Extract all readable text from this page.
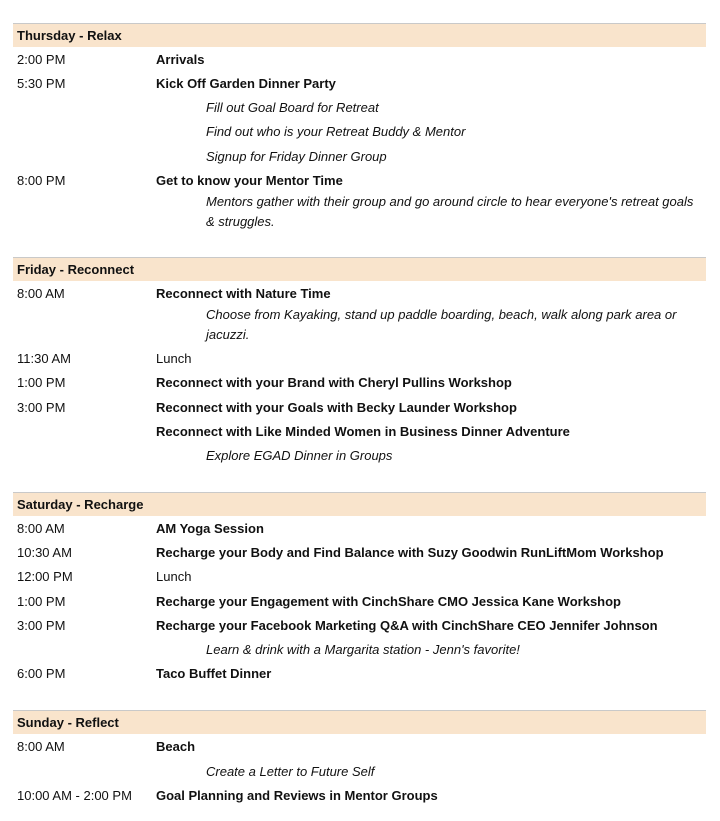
Thursday - Relax
2:00 PM	Arrivals
5:30 PM	Kick Off Garden Dinner Party
Fill out Goal Board for Retreat
Find out who is your Retreat Buddy & Mentor
Signup for Friday Dinner Group
8:00 PM	Get to know your Mentor Time
Mentors gather with their group and go around circle to hear everyone's retreat goals & struggles.
Friday - Reconnect
8:00 AM	Reconnect with Nature Time
Choose from Kayaking, stand up paddle boarding, beach, walk along park area or jacuzzi.
11:30 AM	Lunch
1:00 PM	Reconnect with your Brand with Cheryl Pullins Workshop
3:00 PM	Reconnect with your Goals with Becky Launder Workshop
Reconnect with Like Minded Women in Business Dinner Adventure
Explore EGAD Dinner in Groups
Saturday - Recharge
8:00 AM	AM Yoga Session
10:30 AM	Recharge your Body and Find Balance with Suzy Goodwin RunLiftMom Workshop
12:00 PM	Lunch
1:00 PM	Recharge your Engagement with CinchShare CMO Jessica Kane Workshop
3:00 PM	Recharge your Facebook Marketing Q&A with CinchShare CEO Jennifer Johnson
Learn & drink with a Margarita station - Jenn's favorite!
6:00 PM	Taco Buffet Dinner
Sunday - Reflect
8:00 AM	Beach
Create a Letter to Future Self
10:00 AM - 2:00 PM Goal Planning and Reviews in Mentor Groups
